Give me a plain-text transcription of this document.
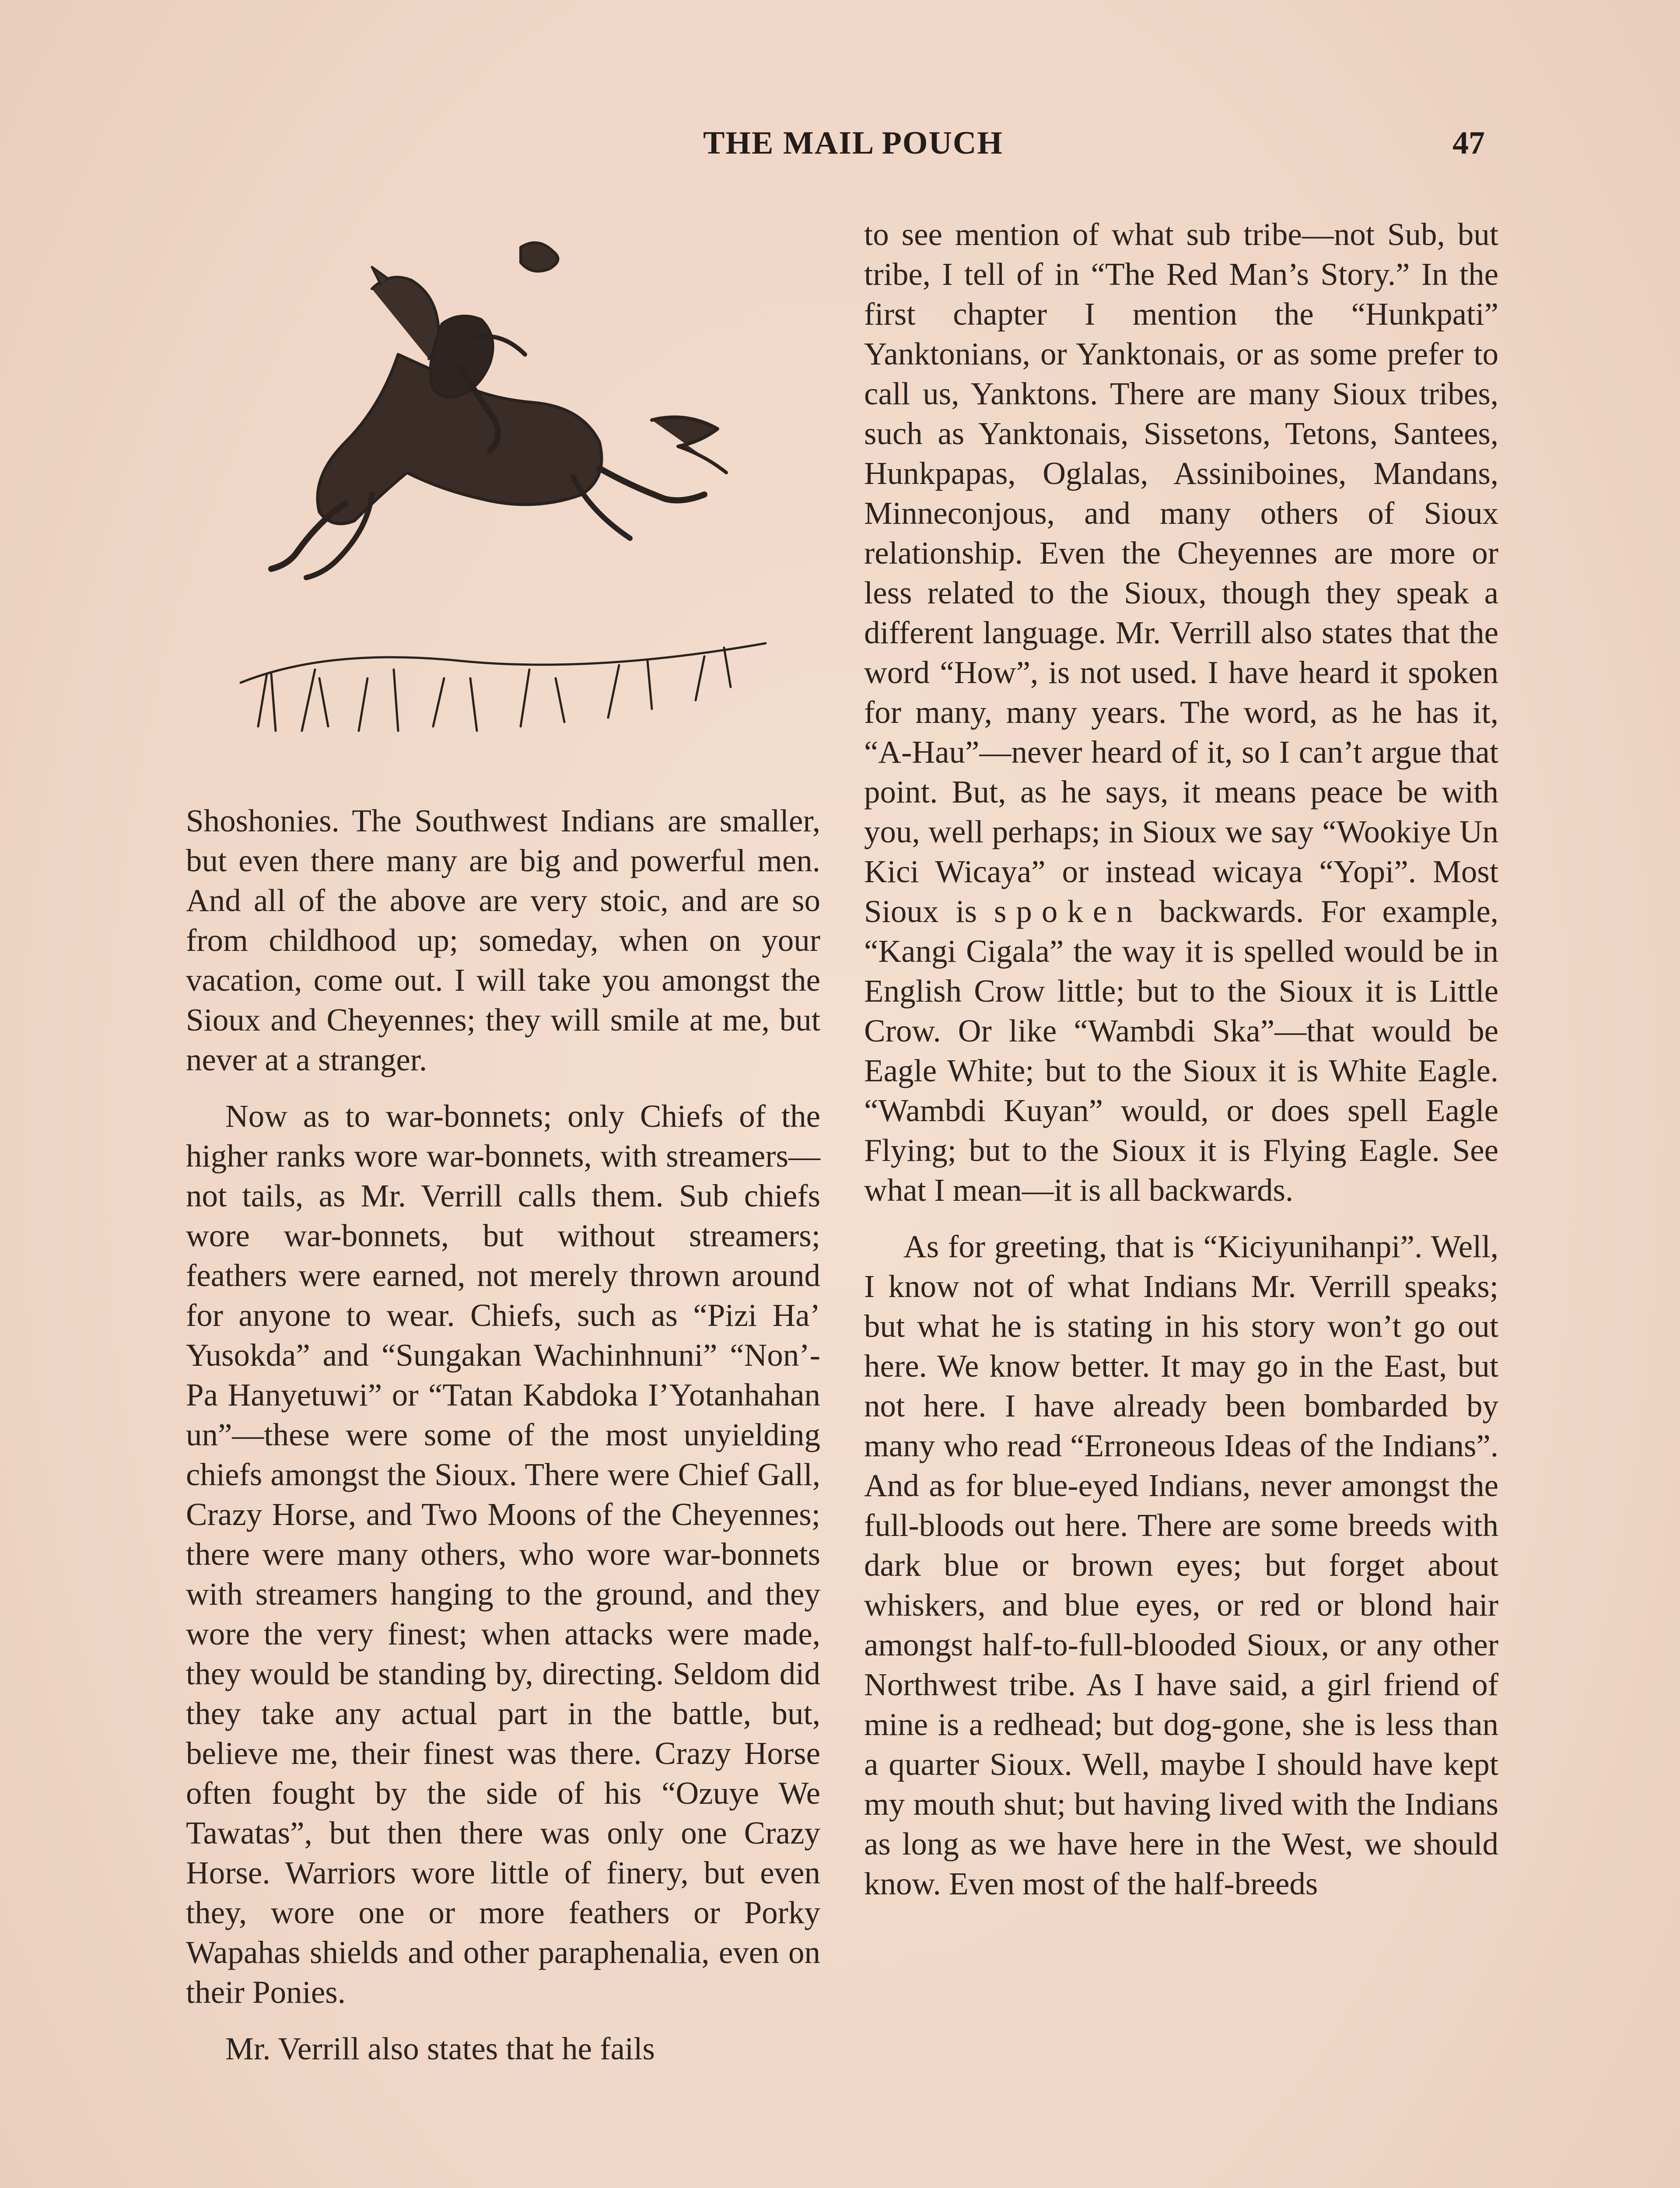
THE MAIL POUCH	47

Shoshonies. The Southwest Indians are smaller, but even there many are big and powerful men. And all of the above are very stoic, and are so from childhood up; someday, when on your vacation, come out. I will take you amongst the Sioux and Cheyennes; they will smile at me, but never at a stranger.

Now as to war-bonnets; only Chiefs of the higher ranks wore war-bonnets, with streamers—not tails, as Mr. Verrill calls them. Sub chiefs wore war-bonnets, but without streamers; feathers were earned, not merely thrown around for anyone to wear. Chiefs, such as “Pizi Ha’ Yusokda” and “Sungakan Wachinhnuni” “Non’-Pa Hanyetuwi” or “Tatan Kabdoka I’Yotanhahan un”—these were some of the most unyielding chiefs amongst the Sioux. There were Chief Gall, Crazy Horse, and Two Moons of the Cheyennes; there were many others, who wore war-bonnets with streamers hanging to the ground, and they wore the very finest; when attacks were made, they would be standing by, directing. Seldom did they take any actual part in the battle, but, believe me, their finest was there. Crazy Horse often fought by the side of his “Ozuye We Tawatas”, but then there was only one Crazy Horse. Warriors wore little of finery, but even they, wore one or more feathers or Porky Wapahas shields and other paraphenalia, even on their Ponies.

Mr. Verrill also states that he fails

to see mention of what sub tribe—not Sub, but tribe, I tell of in “The Red Man’s Story.” In the first chapter I mention the “Hunkpati” Yanktonians, or Yanktonais, or as some prefer to call us, Yanktons. There are many Sioux tribes, such as Yanktonais, Sissetons, Tetons, Santees, Hunkpapas, Oglalas, Assiniboines, Mandans, Minneconjous, and many others of Sioux relationship. Even the Cheyennes are more or less related to the Sioux, though they speak a different language. Mr. Verrill also states that the word “How”, is not used. I have heard it spoken for many, many years. The word, as he has it, “A-Hau”—never heard of it, so I can’t argue that point. But, as he says, it means peace be with you, well perhaps; in Sioux we say “Wookiye Un Kici Wicaya” or instead wicaya “Yopi”. Most Sioux is spoken backwards. For example, “Kangi Cigala” the way it is spelled would be in English Crow little; but to the Sioux it is Little Crow. Or like “Wambdi Ska”—that would be Eagle White; but to the Sioux it is White Eagle. “Wambdi Kuyan” would, or does spell Eagle Flying; but to the Sioux it is Flying Eagle. See what I mean—it is all backwards.

As for greeting, that is “Kiciyunihanpi”. Well, I know not of what Indians Mr. Verrill speaks; but what he is stating in his story won’t go out here. We know better. It may go in the East, but not here. I have already been bombarded by many who read “Erroneous Ideas of the Indians”. And as for blue-eyed Indians, never amongst the full-bloods out here. There are some breeds with dark blue or brown eyes; but forget about whiskers, and blue eyes, or red or blond hair amongst half-to-full-blooded Sioux, or any other Northwest tribe. As I have said, a girl friend of mine is a redhead; but dog-gone, she is less than a quarter Sioux. Well, maybe I should have kept my mouth shut; but having lived with the Indians as long as we have here in the West, we should know. Even most of the half-breeds
